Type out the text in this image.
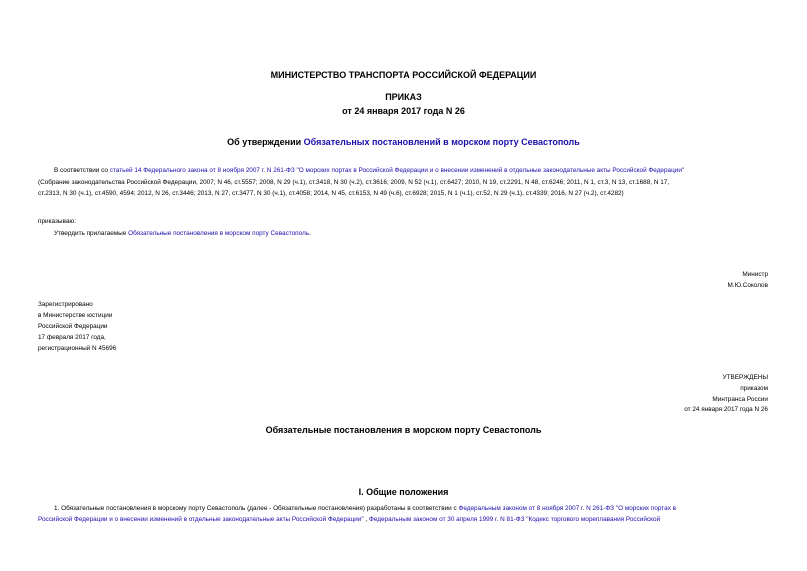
МИНИСТЕРСТВО ТРАНСПОРТА РОССИЙСКОЙ ФЕДЕРАЦИИ
ПРИКАЗ
от 24 января 2017 года N 26
Об утверждении Обязательных постановлений в морском порту Севастополь
В соответствии со статьей 14 Федерального закона от 8 ноября 2007 г. N 261-ФЗ "О морских портах в Российской Федерации и о внесении изменений в отдельные законодательные акты Российской Федерации"
(Собрание законодательства Российской Федерации, 2007, N 46, ст.5557; 2008, N 29 (ч.1), ст.3418, N 30 (ч.2), ст.3616; 2009, N 52 (ч.1), ст.6427; 2010, N 19, ст.2291, N 48, ст.6246; 2011, N 1, ст.3, N 13, ст.1688, N 17,
ст.2313, N 30 (ч.1), ст.4590, 4594; 2012, N 26, ст.3446; 2013, N 27, ст.3477, N 30 (ч.1), ст.4058; 2014, N 45, ст.6153, N 49 (ч.6), ст.6928; 2015, N 1 (ч.1), ст.52, N 29 (ч.1), ст.4339; 2016, N 27 (ч.2), ст.4282)
приказываю:
Утвердить прилагаемые Обязательные постановления в морском порту Севастополь.
Министр
М.Ю.Соколов
Зарегистрировано
в Министерстве юстиции
Российской Федерации
17 февраля 2017 года,
регистрационный N 45696
УТВЕРЖДЕНЫ
приказом
Минтранса России
от 24 января 2017 года N 26
Обязательные постановления в морском порту Севастополь
I. Общие положения
1. Обязательные постановления в морскому порту Севастополь (далее - Обязательные постановления) разработаны в соответствии с Федеральным законом от 8 ноября 2007 г. N 261-ФЗ "О морских портах в
Российской Федерации и о внесении изменений в отдельные законодательные акты Российской Федерации" , Федеральным законом от 30 апреля 1999 г. N 81-ФЗ "Кодекс торгового мореплавания Российской
